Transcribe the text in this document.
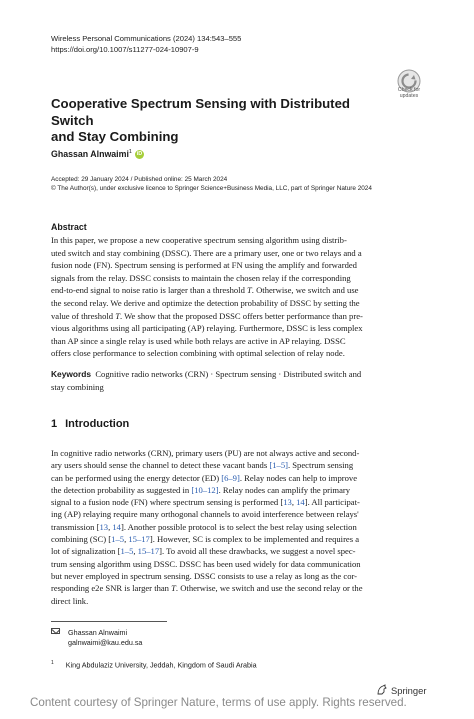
Wireless Personal Communications (2024) 134:543–555
https://doi.org/10.1007/s11277-024-10907-9
Check for
updates
Cooperative Spectrum Sensing with Distributed Switch
and Stay Combining
Ghassan Alnwaimi$^1$ iD
Accepted: 29 January 2024 / Published online: 25 March 2024
© The Author(s), under exclusive licence to Springer Science+Business Media, LLC, part of Springer Nature 2024
Abstract
In this paper, we propose a new cooperative spectrum sensing algorithm using distrib-
uted switch and stay combining (DSSC). There are a primary user, one or two relays and a
fusion node (FN). Spectrum sensing is performed at FN using the amplify and forwarded
signals from the relay. DSSC consists to maintain the chosen relay if the corresponding
end-to-end signal to noise ratio is larger than a threshold T. Otherwise, we switch and use
the second relay. We derive and optimize the detection probability of DSSC by setting the
value of threshold T. We show that the proposed DSSC offers better performance than pre-
vious algorithms using all participating (AP) relaying. Furthermore, DSSC is less complex
than AP since a single relay is used while both relays are active in AP relaying. DSSC
offers close performance to selection combining with optimal selection of relay node.
Keywords Cognitive radio networks (CRN) · Spectrum sensing · Distributed switch and
stay combining
1 Introduction
In cognitive radio networks (CRN), primary users (PU) are not always active and second-
ary users should sense the channel to detect these vacant bands [1–5]. Spectrum sensing
can be performed using the energy detector (ED) [6–9]. Relay nodes can help to improve
the detection probability as suggested in [10–12]. Relay nodes can amplify the primary
signal to a fusion node (FN) where spectrum sensing is performed [13, 14]. All participat-
ing (AP) relaying require many orthogonal channels to avoid interference between relays'
transmission [13, 14]. Another possible protocol is to select the best relay using selection
combining (SC) [1–5, 15–17]. However, SC is complex to be implemented and requires a
lot of signalization [1–5, 15–17]. To avoid all these drawbacks, we suggest a novel spec-
trum sensing algorithm using DSSC. DSSC has been used widely for data communication
but never employed in spectrum sensing. DSSC consists to use a relay as long as the cor-
responding e2e SNR is larger than T. Otherwise, we switch and use the second relay or the
direct link.
Ghassan Alnwaimi
galnwaimi@kau.edu.sa
$^1$ King Abdulaziz University, Jeddah, Kingdom of Saudi Arabia
Springer
Content courtesy of Springer Nature, terms of use apply. Rights reserved.
